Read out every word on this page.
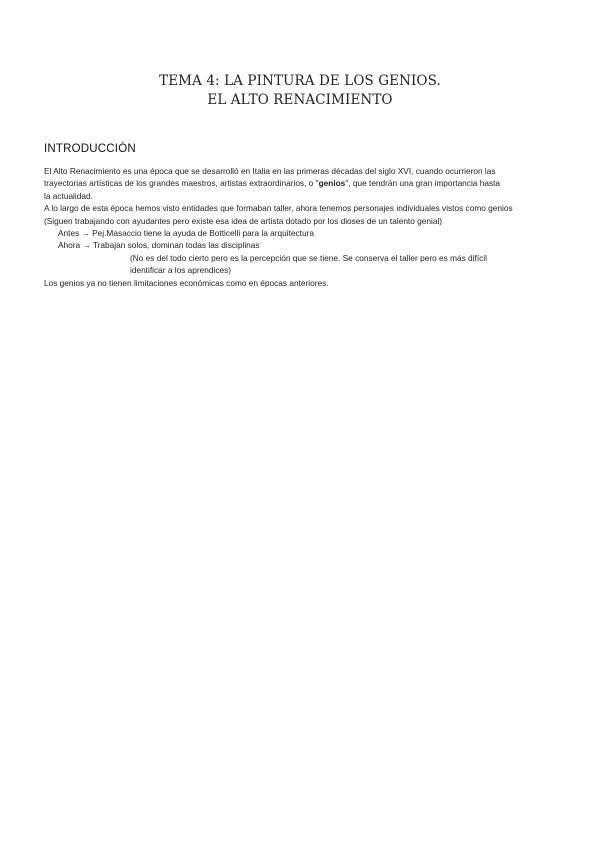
TEMA 4: LA PINTURA DE LOS GENIOS.
EL ALTO RENACIMIENTO
INTRODUCCIÓN
El Alto Renacimiento es una época que se desarrolló en Italia en las primeras décadas del siglo XVI, cuando ocurrieron las
trayectorias artísticas de los grandes maestros, artistas extraordinarios, o "genios", que tendrán una gran importancia hasta
la actualidad.
A lo largo de esta época hemos visto entidades que formaban taller, ahora tenemos personajes individuales vistos como genios
(Siguen trabajando con ayudantes pero existe esa idea de artista dotado por los dioses de un talento genial)
Antes → Pej.Masaccio tiene la ayuda de Botticelli para la arquitectura
Ahora → Trabajan solos, dominan todas las disciplinas
(No es del todo cierto pero es la percepción que se tiene. Se conserva el taller pero es más difícil
identificar a los aprendices)
Los genios ya no tienen limitaciones económicas como en épocas anteriores.
